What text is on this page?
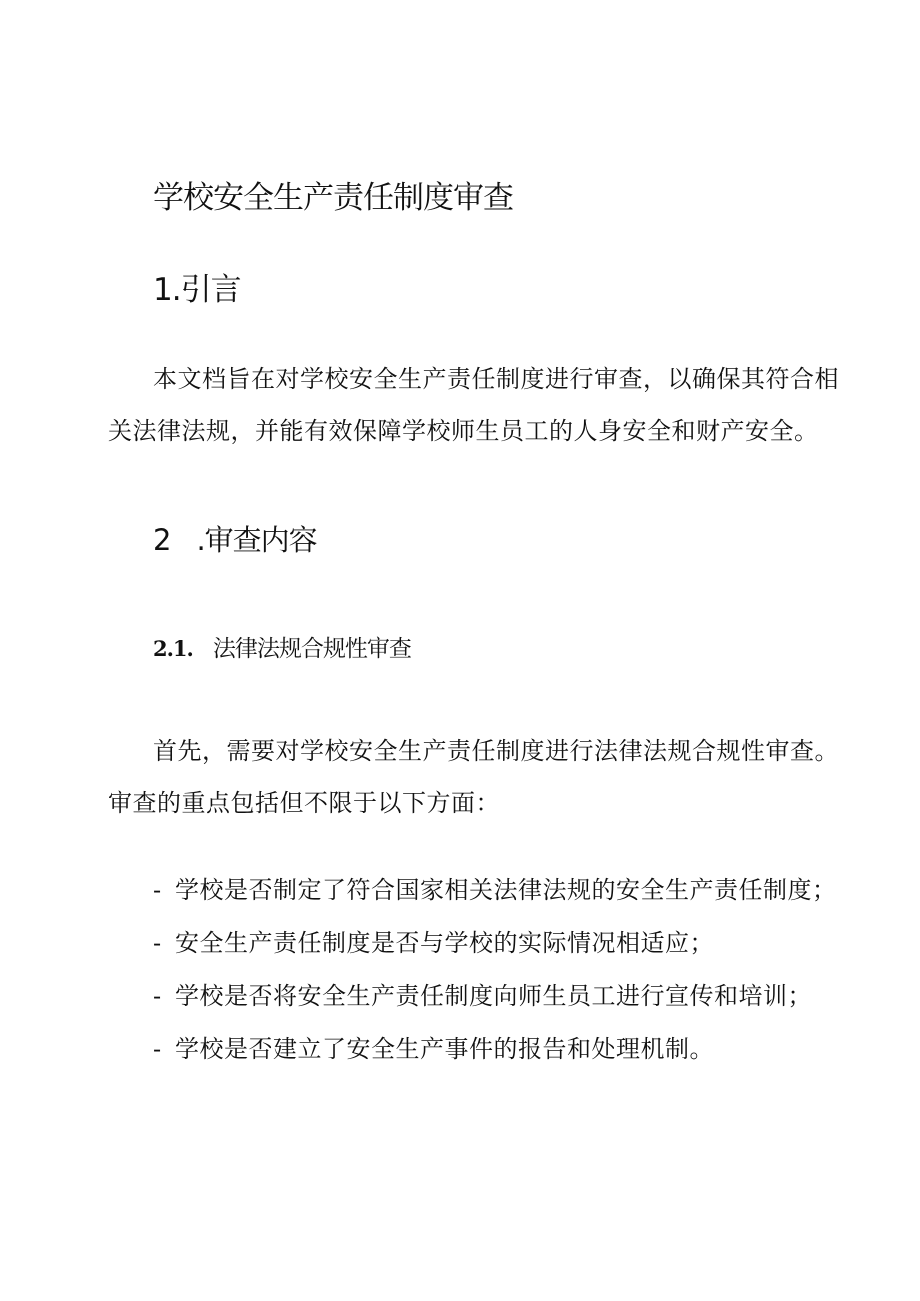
学校安全生产责任制度审查
1.引言
本文档旨在对学校安全生产责任制度进行审查，以确保其符合相
关法律法规，并能有效保障学校师生员工的人身安全和财产安全。
2 .审查内容
2.1. 法律法规合规性审查
首先，需要对学校安全生产责任制度进行法律法规合规性审查。
审查的重点包括但不限于以下方面：
- 学校是否制定了符合国家相关法律法规的安全生产责任制度；
- 安全生产责任制度是否与学校的实际情况相适应；
- 学校是否将安全生产责任制度向师生员工进行宣传和培训；
- 学校是否建立了安全生产事件的报告和处理机制。
